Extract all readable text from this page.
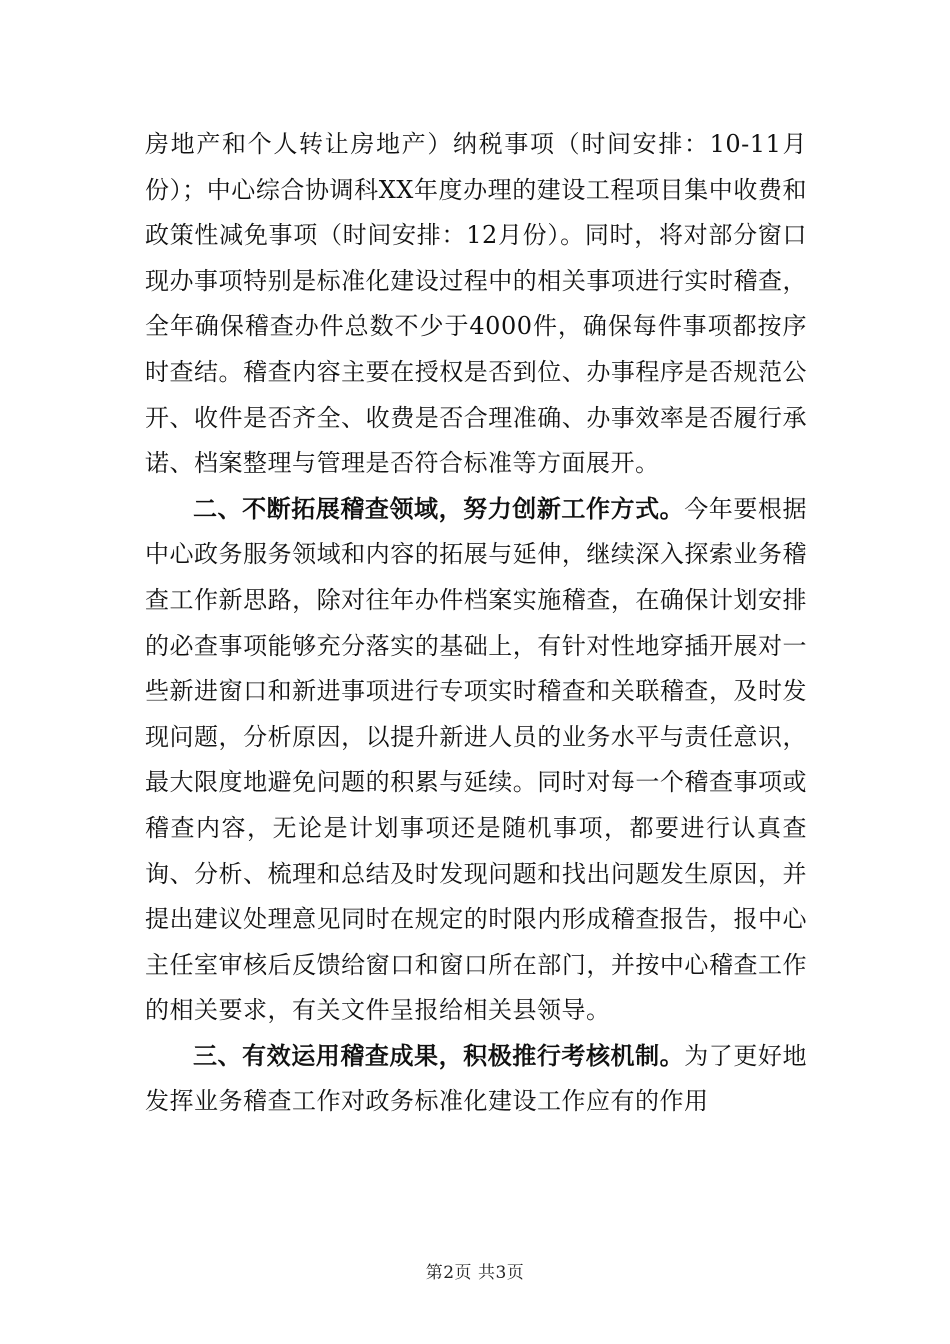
房地产和个人转让房地产）纳税事项（时间安排：10-11月份）；中心综合协调科XX年度办理的建设工程项目集中收费和政策性减免事项（时间安排：12月份）。同时，将对部分窗口现办事项特别是标准化建设过程中的相关事项进行实时稽查，全年确保稽查办件总数不少于4000件，确保每件事项都按序时查结。稽查内容主要在授权是否到位、办事程序是否规范公开、收件是否齐全、收费是否合理准确、办事效率是否履行承诺、档案整理与管理是否符合标准等方面展开。

二、不断拓展稽查领域，努力创新工作方式。今年要根据中心政务服务领域和内容的拓展与延伸，继续深入探索业务稽查工作新思路，除对往年办件档案实施稽查，在确保计划安排的必查事项能够充分落实的基础上，有针对性地穿插开展对一些新进窗口和新进事项进行专项实时稽查和关联稽查，及时发现问题，分析原因，以提升新进人员的业务水平与责任意识，最大限度地避免问题的积累与延续。同时对每一个稽查事项或稽查内容，无论是计划事项还是随机事项，都要进行认真查询、分析、梳理和总结及时发现问题和找出问题发生原因，并提出建议处理意见同时在规定的时限内形成稽查报告，报中心主任室审核后反馈给窗口和窗口所在部门，并按中心稽查工作的相关要求，有关文件呈报给相关县领导。

三、有效运用稽查成果，积极推行考核机制。为了更好地发挥业务稽查工作对政务标准化建设工作应有的作用

第2页 共3页
